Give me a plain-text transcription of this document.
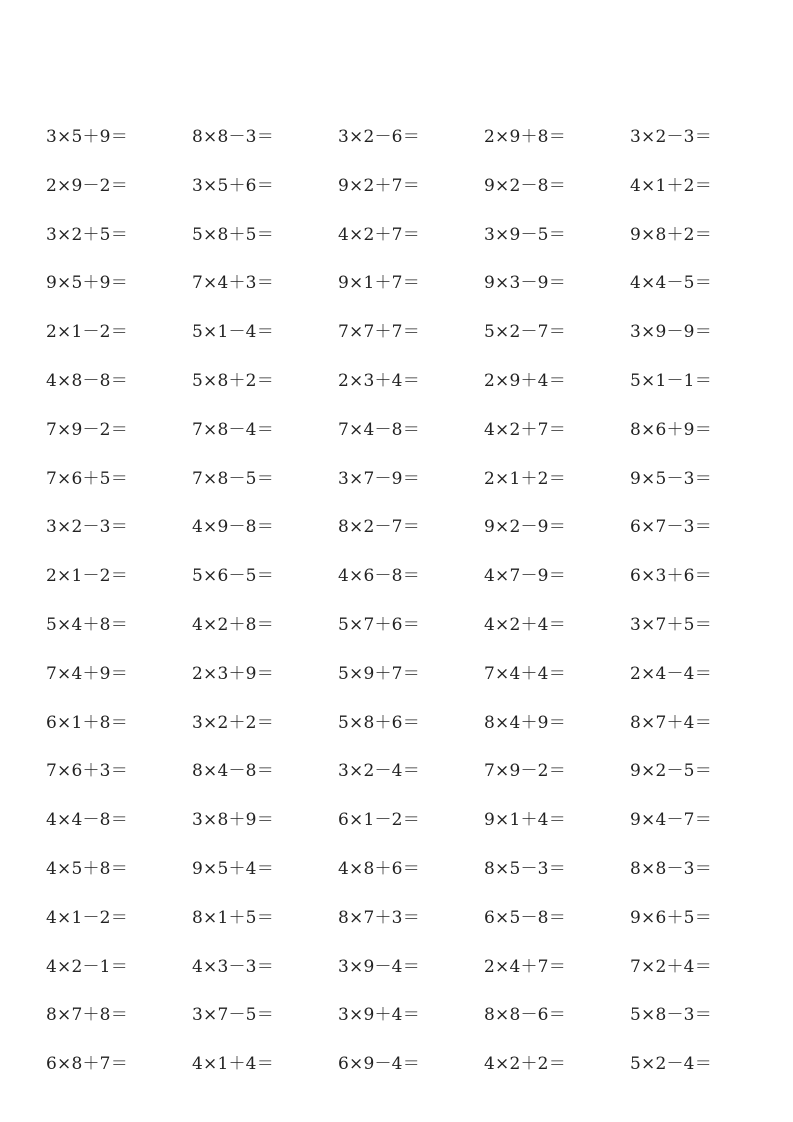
3×5＋9＝	8×8－3＝	3×2－6＝	2×9＋8＝	3×2－3＝
2×9－2＝	3×5＋6＝	9×2＋7＝	9×2－8＝	4×1＋2＝
3×2＋5＝	5×8＋5＝	4×2＋7＝	3×9－5＝	9×8＋2＝
9×5＋9＝	7×4＋3＝	9×1＋7＝	9×3－9＝	4×4－5＝
2×1－2＝	5×1－4＝	7×7＋7＝	5×2－7＝	3×9－9＝
4×8－8＝	5×8＋2＝	2×3＋4＝	2×9＋4＝	5×1－1＝
7×9－2＝	7×8－4＝	7×4－8＝	4×2＋7＝	8×6＋9＝
7×6＋5＝	7×8－5＝	3×7－9＝	2×1＋2＝	9×5－3＝
3×2－3＝	4×9－8＝	8×2－7＝	9×2－9＝	6×7－3＝
2×1－2＝	5×6－5＝	4×6－8＝	4×7－9＝	6×3＋6＝
5×4＋8＝	4×2＋8＝	5×7＋6＝	4×2＋4＝	3×7＋5＝
7×4＋9＝	2×3＋9＝	5×9＋7＝	7×4＋4＝	2×4－4＝
6×1＋8＝	3×2＋2＝	5×8＋6＝	8×4＋9＝	8×7＋4＝
7×6＋3＝	8×4－8＝	3×2－4＝	7×9－2＝	9×2－5＝
4×4－8＝	3×8＋9＝	6×1－2＝	9×1＋4＝	9×4－7＝
4×5＋8＝	9×5＋4＝	4×8＋6＝	8×5－3＝	8×8－3＝
4×1－2＝	8×1＋5＝	8×7＋3＝	6×5－8＝	9×6＋5＝
4×2－1＝	4×3－3＝	3×9－4＝	2×4＋7＝	7×2＋4＝
8×7＋8＝	3×7－5＝	3×9＋4＝	8×8－6＝	5×8－3＝
6×8＋7＝	4×1＋4＝	6×9－4＝	4×2＋2＝	5×2－4＝
